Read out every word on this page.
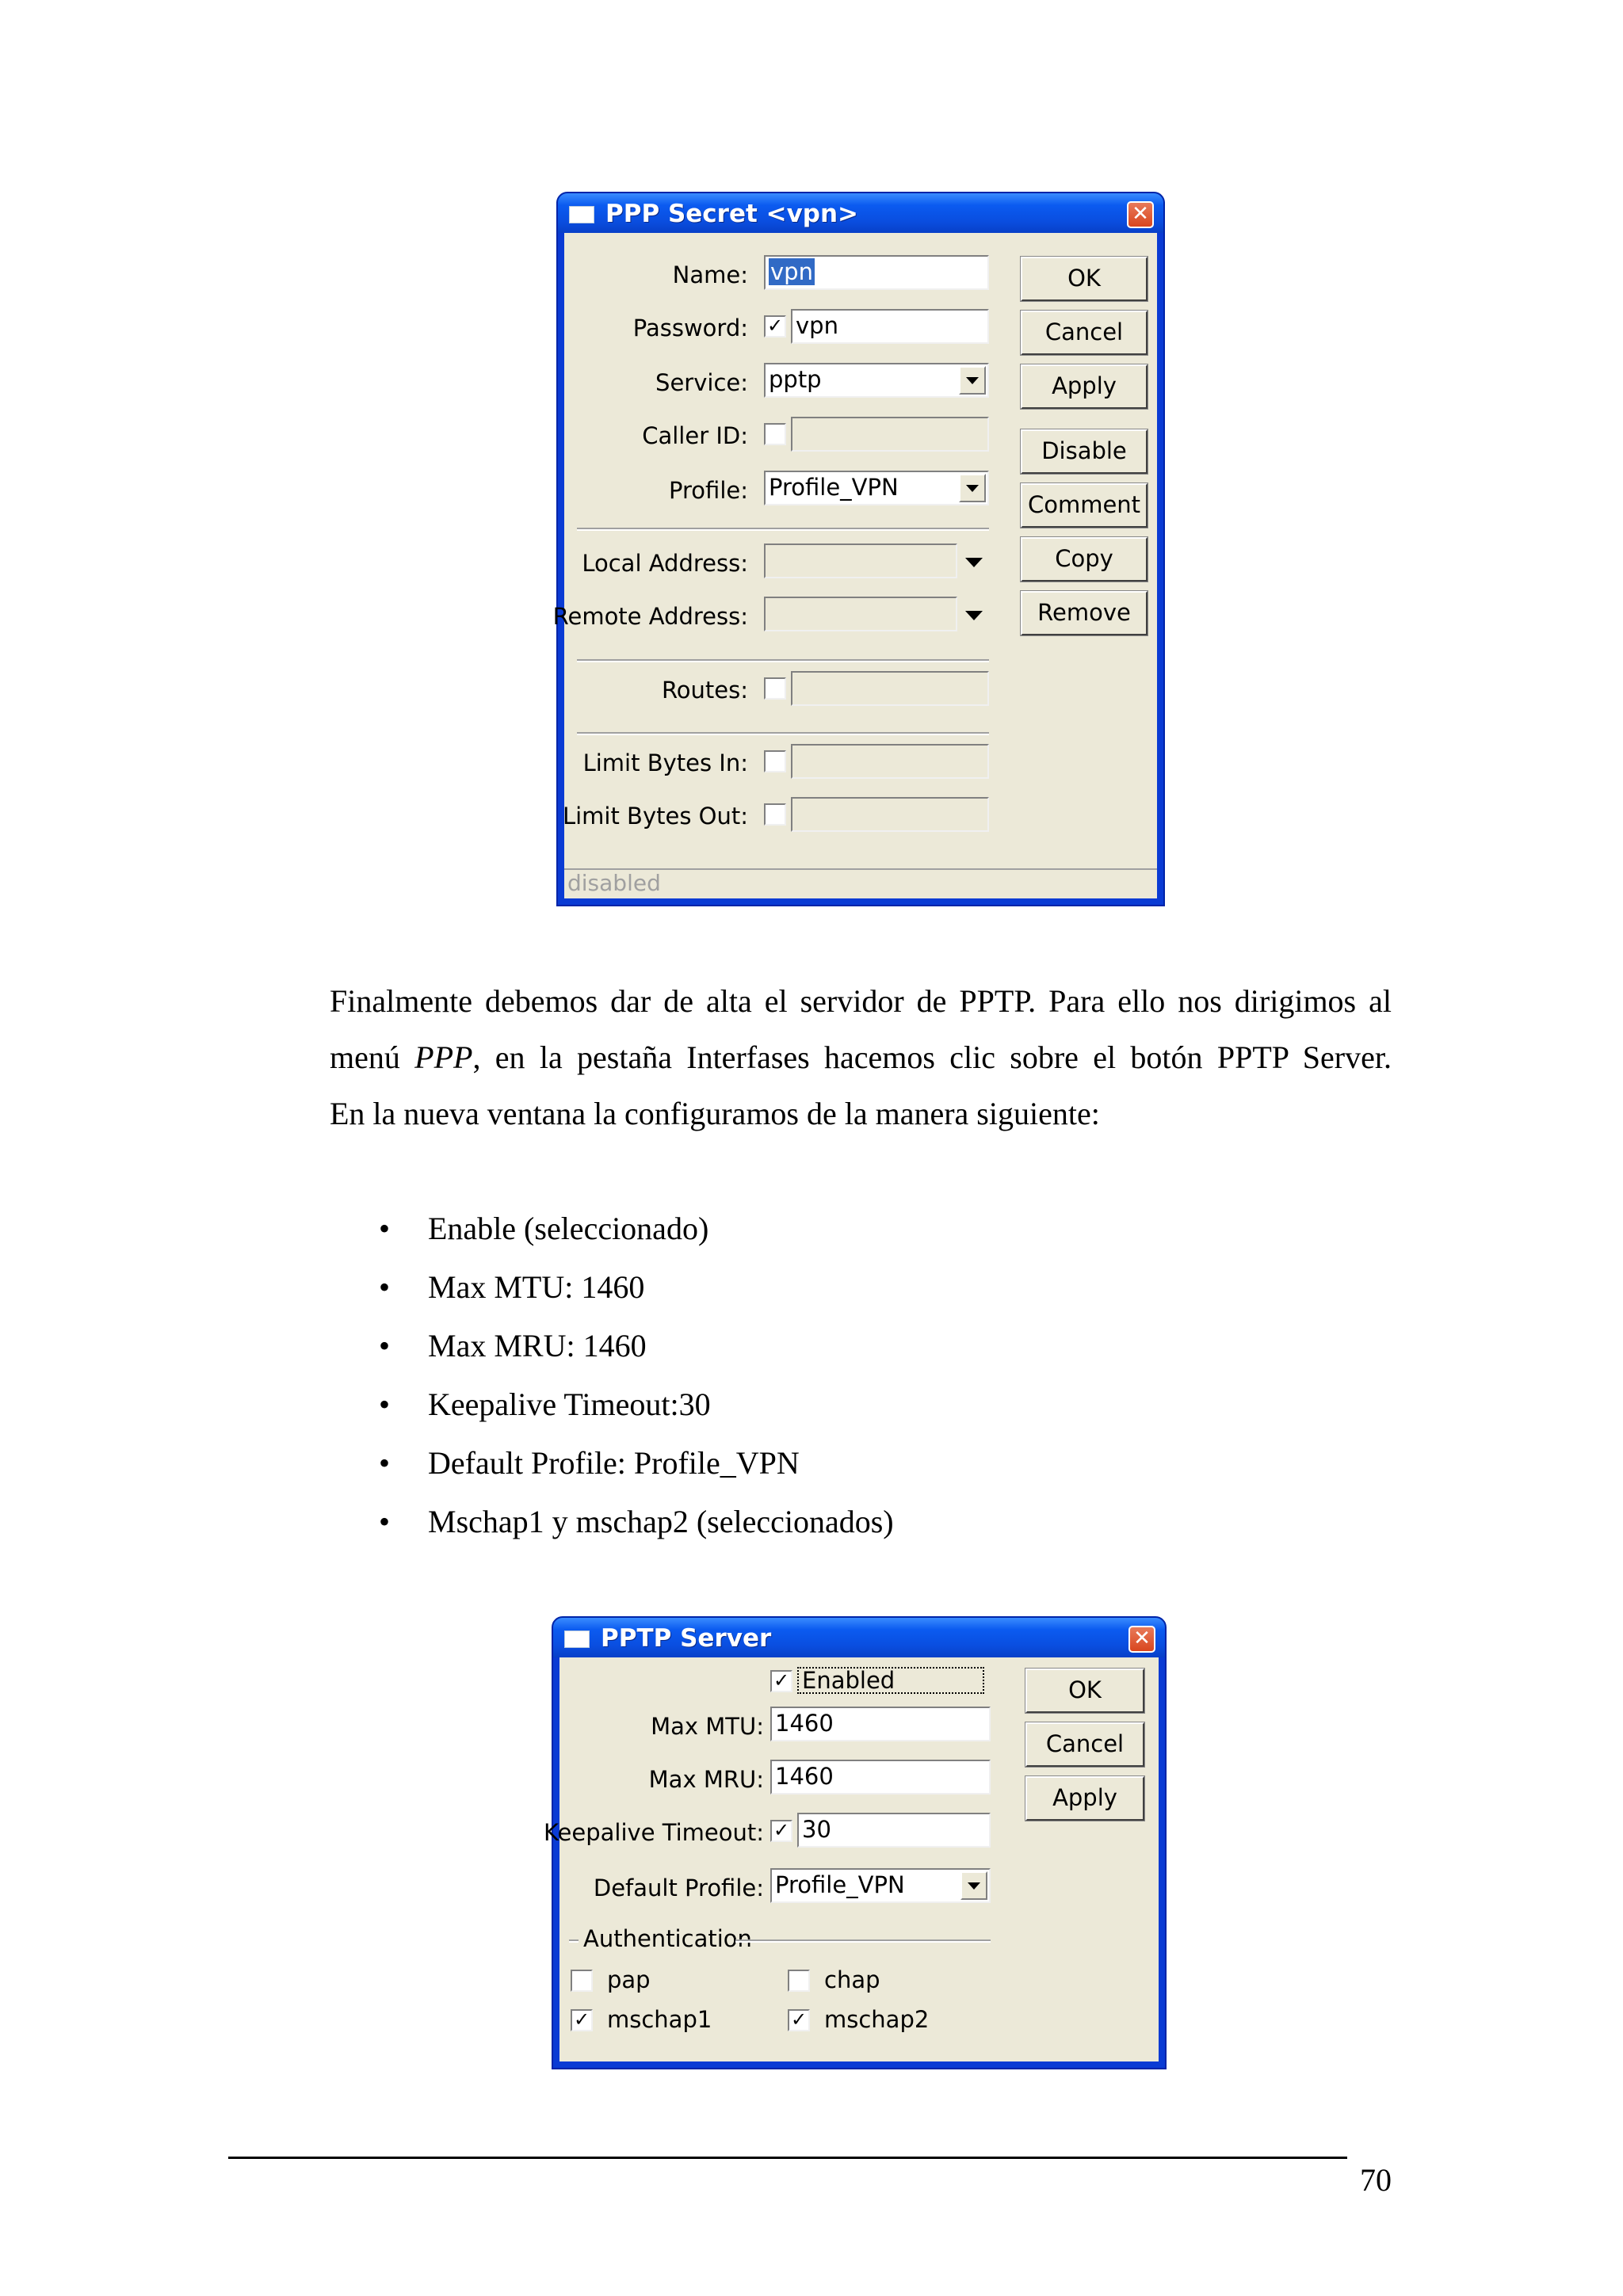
PPP Secret <vpn>	✕
Name: vpn
Password: ✓ vpn
Service: pptp
Caller ID:
Profile: Profile_VPN
Local Address:
Remote Address:
Routes:
Limit Bytes In:
Limit Bytes Out:
OK
Cancel
Apply
Disable
Comment
Copy
Remove
disabled
Finalmente debemos dar de alta el servidor de PPTP. Para ello nos dirigimos al
menú PPP, en la pestaña Interfases hacemos clic sobre el botón PPTP Server.
En la nueva ventana la configuramos de la manera siguiente:
• Enable (seleccionado)
• Max MTU: 1460
• Max MRU: 1460
• Keepalive Timeout:30
• Default Profile: Profile_VPN
• Mschap1 y mschap2 (seleccionados)
PPTP Server	✕
✓ Enabled
Max MTU: 1460
Max MRU: 1460
Keepalive Timeout: ✓ 30
Default Profile: Profile_VPN
Authentication
pap	chap
✓ mschap1	✓ mschap2
OK
Cancel
Apply
70
